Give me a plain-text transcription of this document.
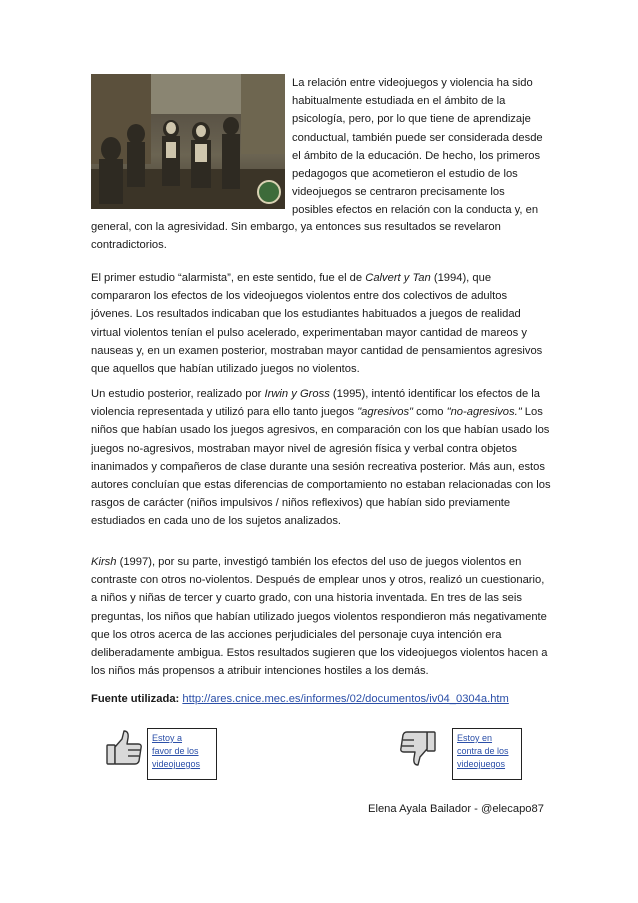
La relación entre videojuegos y violencia ha sido
habitualmente estudiada en el ámbito de la
psicología, pero, por lo que tiene de aprendizaje
conductual, también puede ser considerada desde
el ámbito de la educación. De hecho, los primeros
pedagogos que acometieron el estudio de los
videojuegos se centraron precisamente los
posibles efectos en relación con la conducta y, en
general, con la agresividad. Sin embargo, ya entonces sus resultados se revelaron contradictorios.

El primer estudio “alarmista”, en este sentido, fue el de Calvert y Tan (1994), que compararon los efectos de los videojuegos violentos entre dos colectivos de adultos jóvenes. Los resultados indicaban que los estudiantes habituados a juegos de realidad virtual violentos tenían el pulso acelerado, experimentaban mayor cantidad de mareos y nauseas y, en un examen posterior, mostraban mayor cantidad de pensamientos agresivos que aquellos que habían utilizado juegos no violentos.

Un estudio posterior, realizado por Irwin y Gross (1995), intentó identificar los efectos de la violencia representada y utilizó para ello tanto juegos "agresivos" como "no-agresivos." Los niños que habían usado los juegos agresivos, en comparación con los que habían usado los juegos no-agresivos, mostraban mayor nivel de agresión física y verbal contra objetos inanimados y compañeros de clase durante una sesión recreativa posterior. Más aun, estos autores concluían que estas diferencias de comportamiento no estaban relacionadas con los rasgos de carácter (niños impulsivos / niños reflexivos) que habían sido previamente estudiados en cada uno de los sujetos analizados.

Kirsh (1997), por su parte, investigó también los efectos del uso de juegos violentos en contraste con otros no-violentos. Después de emplear unos y otros, realizó un cuestionario, a niños y niñas de tercer y cuarto grado, con una historia inventada. En tres de las seis preguntas, los niños que habían utilizado juegos violentos respondieron más negativamente que los otros acerca de las acciones perjudiciales del personaje cuya intención era deliberadamente ambigua. Estos resultados sugieren que los videojuegos violentos hacen a los niños más propensos a atribuir intenciones hostiles a los demás.

Fuente utilizada: http://ares.cnice.mec.es/informes/02/documentos/iv04_0304a.htm
Estoy a
favor de los
videojuegos
Estoy en
contra de los
videojuegos
Elena Ayala Bailador - @elecapo87
